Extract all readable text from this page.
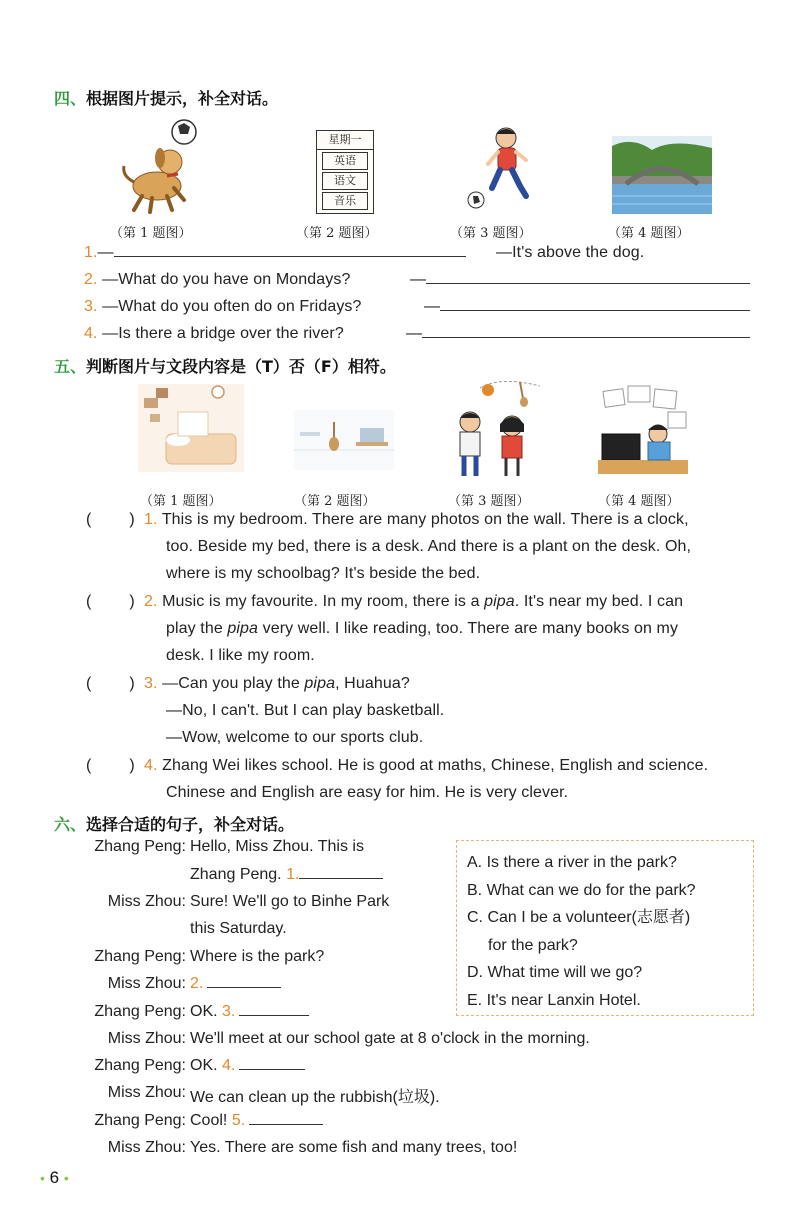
四、根据图片提示，补全对话。
星期一
英语
语文
音乐
（第 1 题图）	（第 2 题图）	（第 3 题图）	（第 4 题图）
1.—	—It's above the dog.
2. —What do you have on Mondays?	—
3. —What do you often do on Fridays?	—
4. —Is there a bridge over the river?	—
五、判断图片与文段内容是（T）否（F）相符。
（第 1 题图）	（第 2 题图）	（第 3 题图）	（第 4 题图）
( ) 1. This is my bedroom. There are many photos on the wall. There is a clock,
too. Beside my bed, there is a desk. And there is a plant on the desk. Oh,
where is my schoolbag? It's beside the bed.
( ) 2. Music is my favourite. In my room, there is a pipa. It's near my bed. I can
play the pipa very well. I like reading, too. There are many books on my
desk. I like my room.
( ) 3. —Can you play the pipa, Huahua?
—No, I can't. But I can play basketball.
—Wow, welcome to our sports club.
( ) 4. Zhang Wei likes school. He is good at maths, Chinese, English and science.
Chinese and English are easy for him. He is very clever.
六、选择合适的句子，补全对话。
Zhang Peng: Hello, Miss Zhou. This is
Zhang Peng. 1.
Miss Zhou: Sure! We'll go to Binhe Park
this Saturday.
Zhang Peng: Where is the park?
Miss Zhou: 2.
Zhang Peng: OK. 3.
Miss Zhou: We'll meet at our school gate at 8 o'clock in the morning.
Zhang Peng: OK. 4.
Miss Zhou: We can clean up the rubbish(垃圾).
Zhang Peng: Cool! 5.
Miss Zhou: Yes. There are some fish and many trees, too!
A. Is there a river in the park?
B. What can we do for the park?
C. Can I be a volunteer(志愿者)
for the park?
D. What time will we go?
E. It's near Lanxin Hotel.
• 6 •
